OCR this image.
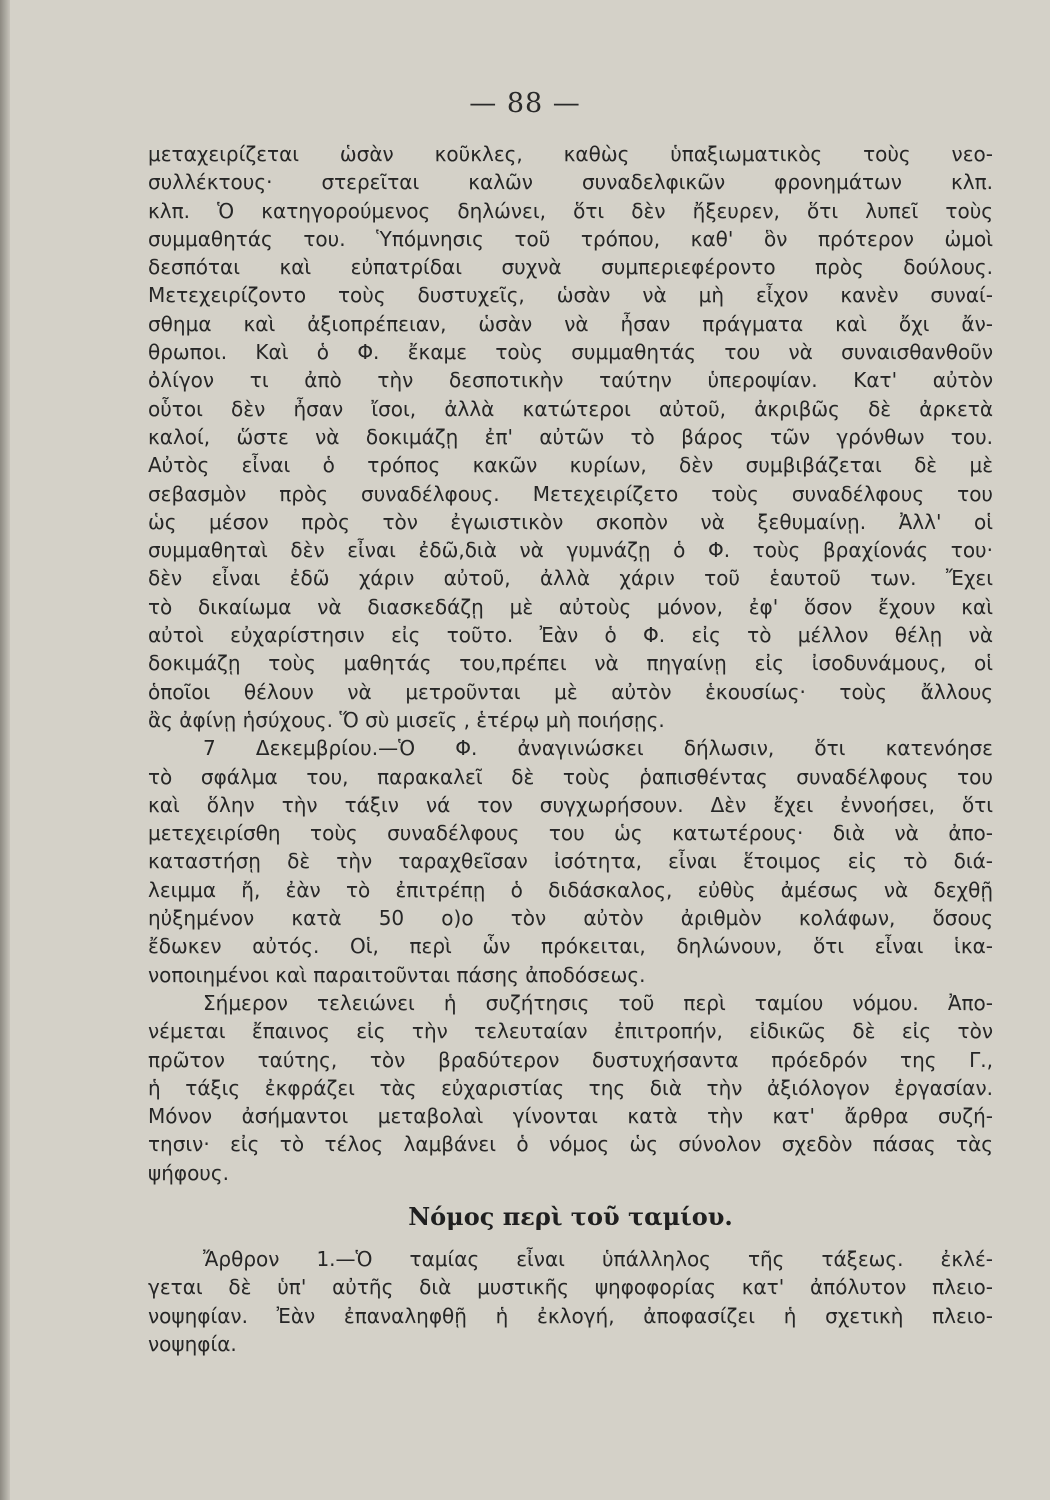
— 88 —
μεταχειρίζεται ὡσὰν κοῦκλες, καθὼς ὑπαξιωματικὸς τοὺς νεο-
συλλέκτους· στερεῖται καλῶν συναδελφικῶν φρονημάτων κλπ.
κλπ. Ὁ κατηγορούμενος δηλώνει, ὅτι δὲν ἤξευρεν, ὅτι λυπεῖ τοὺς
συμμαθητάς του. Ὑπόμνησις τοῦ τρόπου, καθ' ὃν πρότερον ὠμοὶ
δεσπόται καὶ εὐπατρίδαι συχνὰ συμπεριεφέροντο πρὸς δούλους.
Μετεχειρίζοντο τοὺς δυστυχεῖς, ὡσὰν νὰ μὴ εἶχον κανὲν συναί-
σθημα καὶ ἀξιοπρέπειαν, ὡσὰν νὰ ἦσαν πράγματα καὶ ὄχι ἄν-
θρωποι. Καὶ ὁ Φ. ἔκαμε τοὺς συμμαθητάς του νὰ συναισθανθοῦν
ὀλίγον τι ἀπὸ τὴν δεσποτικὴν ταύτην ὑπεροψίαν. Κατ' αὐτὸν
οὗτοι δὲν ἦσαν ἴσοι, ἀλλὰ κατώτεροι αὐτοῦ, ἀκριβῶς δὲ ἀρκετὰ
καλοί, ὥστε νὰ δοκιμάζῃ ἐπ' αὐτῶν τὸ βάρος τῶν γρόνθων του.
Αὐτὸς εἶναι ὁ τρόπος κακῶν κυρίων, δὲν συμβιβάζεται δὲ μὲ
σεβασμὸν πρὸς συναδέλφους. Μετεχειρίζετο τοὺς συναδέλφους του
ὡς μέσον πρὸς τὸν ἐγωιστικὸν σκοπὸν νὰ ξεθυμαίνῃ. Ἀλλ' οἱ
συμμαθηταὶ δὲν εἶναι ἐδῶ,διὰ νὰ γυμνάζῃ ὁ Φ. τοὺς βραχίονάς του·
δὲν εἶναι ἐδῶ χάριν αὐτοῦ, ἀλλὰ χάριν τοῦ ἑαυτοῦ των. Ἔχει
τὸ δικαίωμα νὰ διασκεδάζῃ μὲ αὐτοὺς μόνον, ἐφ' ὅσον ἔχουν καὶ
αὐτοὶ εὐχαρίστησιν εἰς τοῦτο. Ἐὰν ὁ Φ. εἰς τὸ μέλλον θέλῃ νὰ
δοκιμάζῃ τοὺς μαθητάς του,πρέπει νὰ πηγαίνῃ εἰς ἰσοδυνάμους, οἱ
ὁποῖοι θέλουν νὰ μετροῦνται μὲ αὐτὸν ἑκουσίως· τοὺς ἄλλους
ἂς ἀφίνῃ ἡσύχους. Ὅ σὺ μισεῖς , ἑτέρῳ μὴ ποιήσῃς.
7 Δεκεμβρίου.—Ὁ Φ. ἀναγινώσκει δήλωσιν, ὅτι κατενόησε
τὸ σφάλμα του, παρακαλεῖ δὲ τοὺς ῥαπισθέντας συναδέλφους του
καὶ ὅλην τὴν τάξιν νά τον συγχωρήσουν. Δὲν ἔχει ἐννοήσει, ὅτι
μετεχειρίσθη τοὺς συναδέλφους του ὡς κατωτέρους· διὰ νὰ ἀπο-
καταστήσῃ δὲ τὴν ταραχθεῖσαν ἰσότητα, εἶναι ἕτοιμος εἰς τὸ διά-
λειμμα ἤ, ἐὰν τὸ ἐπιτρέπῃ ὁ διδάσκαλος, εὐθὺς ἀμέσως νὰ δεχθῇ
ηὐξημένον κατὰ 50 ο)ο τὸν αὐτὸν ἀριθμὸν κολάφων, ὅσους
ἔδωκεν αὐτός. Οἱ, περὶ ὧν πρόκειται, δηλώνουν, ὅτι εἶναι ἱκα-
νοποιημένοι καὶ παραιτοῦνται πάσης ἀποδόσεως.
Σήμερον τελειώνει ἡ συζήτησις τοῦ περὶ ταμίου νόμου. Ἀπο-
νέμεται ἔπαινος εἰς τὴν τελευταίαν ἐπιτροπήν, εἰδικῶς δὲ εἰς τὸν
πρῶτον ταύτης, τὸν βραδύτερον δυστυχήσαντα πρόεδρόν της Γ.,
ἡ τάξις ἐκφράζει τὰς εὐχαριστίας της διὰ τὴν ἀξιόλογον ἐργασίαν.
Μόνον ἀσήμαντοι μεταβολαὶ γίνονται κατὰ τὴν κατ' ἄρθρα συζή-
τησιν· εἰς τὸ τέλος λαμβάνει ὁ νόμος ὡς σύνολον σχεδὸν πάσας τὰς
ψήφους.
Νόμος περὶ τοῦ ταμίου.
Ἄρθρον 1.—Ὁ ταμίας εἶναι ὑπάλληλος τῆς τάξεως. ἐκλέ-
γεται δὲ ὑπ' αὐτῆς διὰ μυστικῆς ψηφοφορίας κατ' ἀπόλυτον πλειο-
νοψηφίαν. Ἐὰν ἐπαναληφθῇ ἡ ἐκλογή, ἀποφασίζει ἡ σχετικὴ πλειο-
νοψηφία.
